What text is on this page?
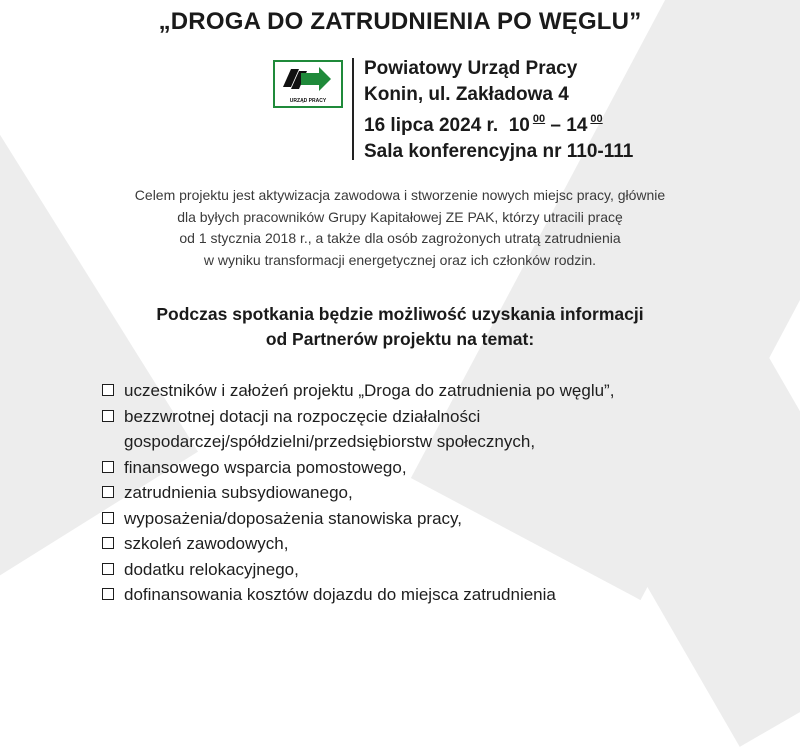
„DROGA DO ZATRUDNIENIA PO WĘGLU”
URZĄD PRACY
Powiatowy Urząd Pracy
Konin, ul. Zakładowa 4
16 lipca 2024 r. 10 00 – 14 00
Sala konferencyjna nr 110-111
Celem projektu jest aktywizacja zawodowa i stworzenie nowych miejsc pracy, głównie
dla byłych pracowników Grupy Kapitałowej ZE PAK, którzy utracili pracę
od 1 stycznia 2018 r., a także dla osób zagrożonych utratą zatrudnienia
w wyniku transformacji energetycznej oraz ich członków rodzin.
Podczas spotkania będzie możliwość uzyskania informacji
od Partnerów projektu na temat:
uczestników i założeń projektu „Droga do zatrudnienia po węglu”,
bezzwrotnej dotacji na rozpoczęcie działalności gospodarczej/spółdzielni/przedsiębiorstw społecznych,
finansowego wsparcia pomostowego,
zatrudnienia subsydiowanego,
wyposażenia/doposażenia stanowiska pracy,
szkoleń zawodowych,
dodatku relokacyjnego,
dofinansowania kosztów dojazdu do miejsca zatrudnienia
